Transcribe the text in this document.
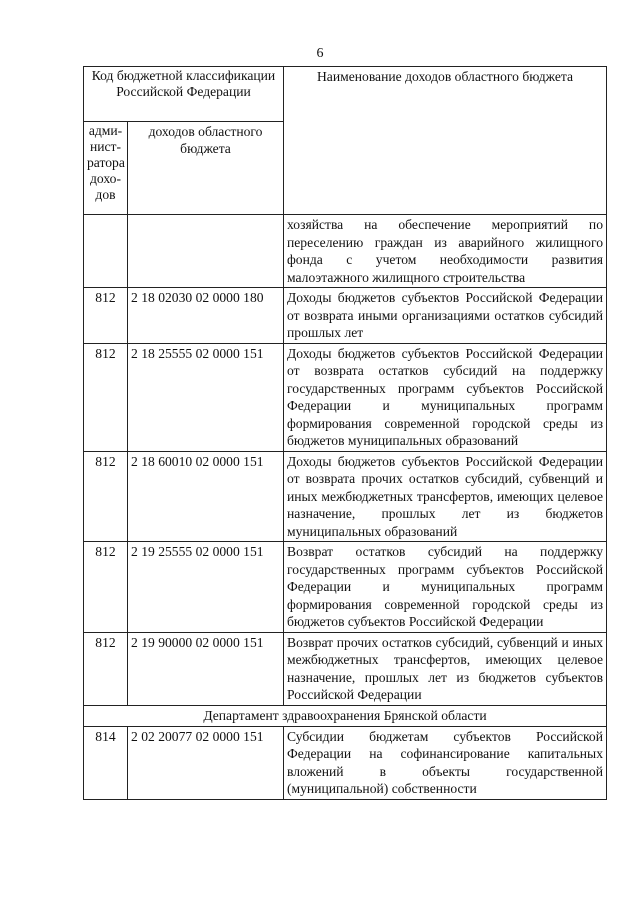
6
Код бюджетной классификации Российской Федерации		Наименование доходов областного бюджета
адми-нист-ратора дохо-дов	доходов областного бюджета	
		хозяйства на обеспечение мероприятий по переселению граждан из аварийного жилищного фонда с учетом необходимости развития малоэтажного жилищного строительства
812	2 18 02030 02 0000 180	Доходы бюджетов субъектов Российской Федерации от возврата иными организациями остатков субсидий прошлых лет
812	2 18 25555 02 0000 151	Доходы бюджетов субъектов Российской Федерации от возврата остатков субсидий на поддержку государственных программ субъектов Российской Федерации и муниципальных программ формирования современной городской среды из бюджетов муниципальных образований
812	2 18 60010 02 0000 151	Доходы бюджетов субъектов Российской Федерации от возврата прочих остатков субсидий, субвенций и иных межбюджетных трансфертов, имеющих целевое назначение, прошлых лет из бюджетов муниципальных образований
812	2 19 25555 02 0000 151	Возврат остатков субсидий на поддержку государственных программ субъектов Российской Федерации и муниципальных программ формирования современной городской среды из бюджетов субъектов Российской Федерации
812	2 19 90000 02 0000 151	Возврат прочих остатков субсидий, субвенций и иных межбюджетных трансфертов, имеющих целевое назначение, прошлых лет из бюджетов субъектов Российской Федерации
Департамент здравоохранения Брянской области		
814	2 02 20077 02 0000 151	Субсидии бюджетам субъектов Российской Федерации на софинансирование капитальных вложений в объекты государственной (муниципальной) собственности
